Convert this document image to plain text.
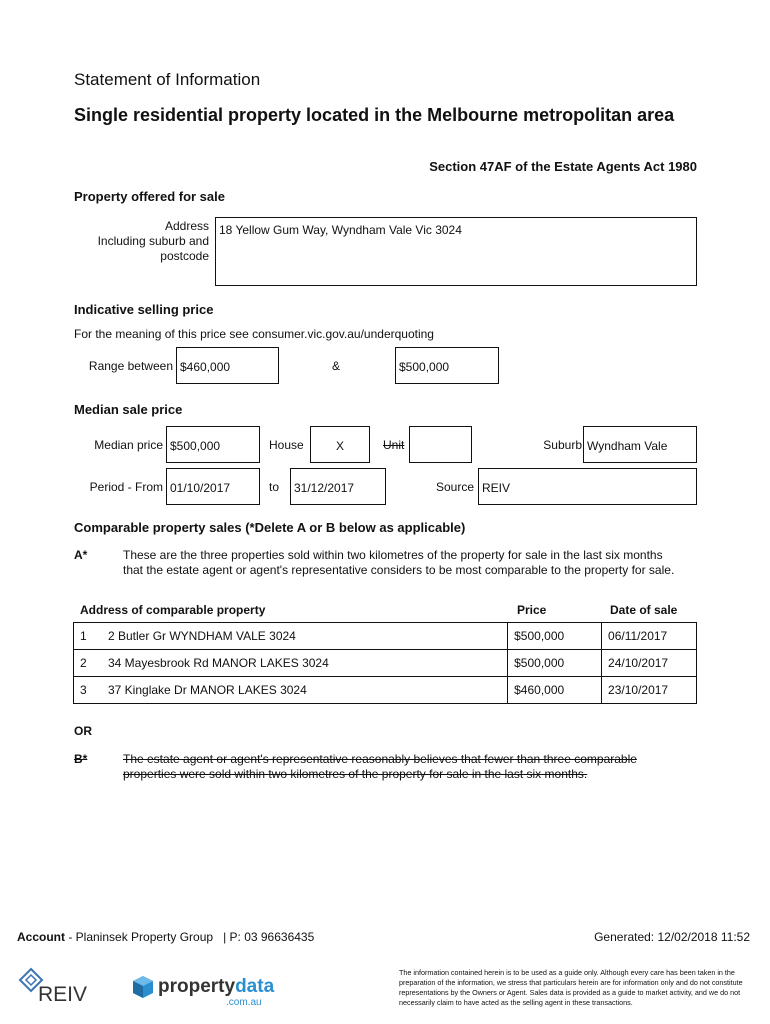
Statement of Information
Single residential property located in the Melbourne metropolitan area
Section 47AF of the Estate Agents Act 1980
Property offered for sale
Address
Including suburb and
postcode
18 Yellow Gum Way, Wyndham Vale Vic 3024
Indicative selling price
For the meaning of this price see consumer.vic.gov.au/underquoting
Range between $460,000	&	$500,000
Median sale price
Median price $500,000	House	X	Unit	Suburb Wyndham Vale
Period - From 01/10/2017	to	31/12/2017	Source REIV
Comparable property sales (*Delete A or B below as applicable)
A*	These are the three properties sold within two kilometres of the property for sale in the last six months that the estate agent or agent's representative considers to be most comparable to the property for sale.
Address of comparable property	Price	Date of sale
1 2 Butler Gr WYNDHAM VALE 3024	$500,000	06/11/2017
2 34 Mayesbrook Rd MANOR LAKES 3024	$500,000	24/10/2017
3 37 Kinglake Dr MANOR LAKES 3024	$460,000	23/10/2017
OR
B*	The estate agent or agent's representative reasonably believes that fewer than three comparable properties were sold within two kilometres of the property for sale in the last six months.
Account - Planinsek Property Group   | P: 03 96636435	Generated: 12/02/2018 11:52
REIV	propertydata
.com.au
The information contained herein is to be used as a guide only. Although every care has been taken in the preparation of the information, we stress that particulars herein are for information only and do not constitute representations by the Owners or Agent. Sales data is provided as a guide to market activity, and we do not necessarily claim to have acted as the selling agent in these transactions.
